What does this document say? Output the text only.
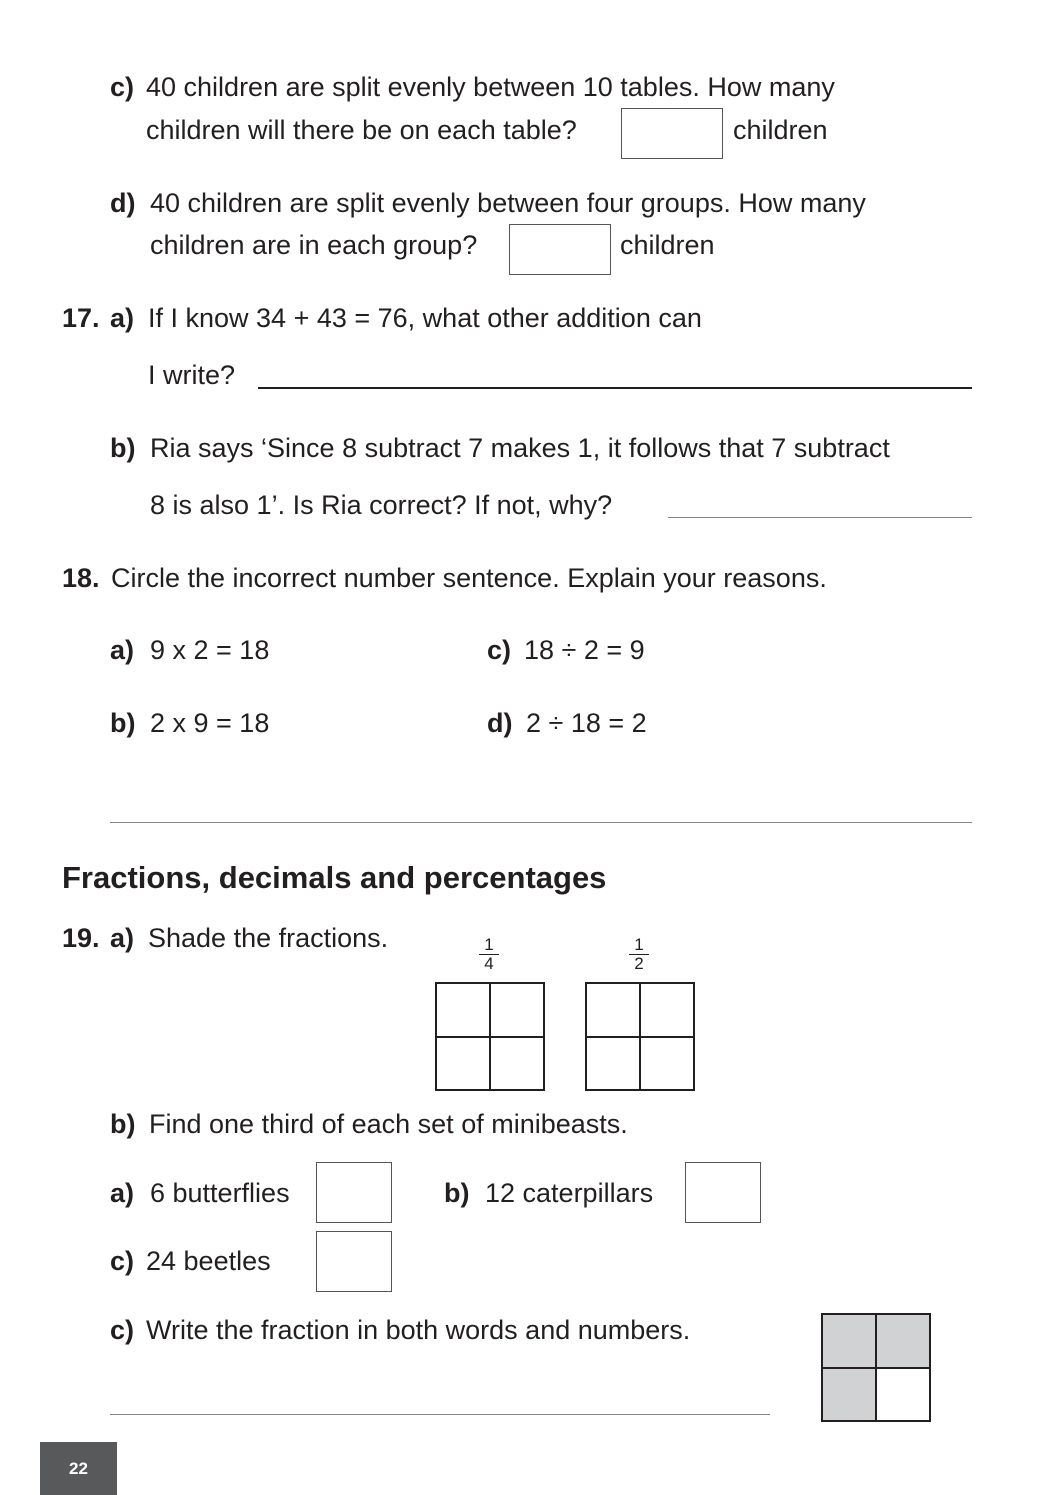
c) 40 children are split evenly between 10 tables. How many
children will there be on each table?	children
d) 40 children are split evenly between four groups. How many
children are in each group?	children
17. a) If I know 34 + 43 = 76, what other addition can
I write?
b) Ria says ‘Since 8 subtract 7 makes 1, it follows that 7 subtract
8 is also 1’. Is Ria correct? If not, why?
18. Circle the incorrect number sentence. Explain your reasons.
a) 9 x 2 = 18
b) 2 x 9 = 18
c) 18 ÷ 2 = 9
d) 2 ÷ 18 = 2
Fractions, decimals and percentages
19. a) Shade the fractions.	$\frac{1}{4}$	$\frac{1}{2}$
b) Find one third of each set of minibeasts.
a) 6 butterflies	b) 12 caterpillars
c) 24 beetles
c) Write the fraction in both words and numbers.
22
